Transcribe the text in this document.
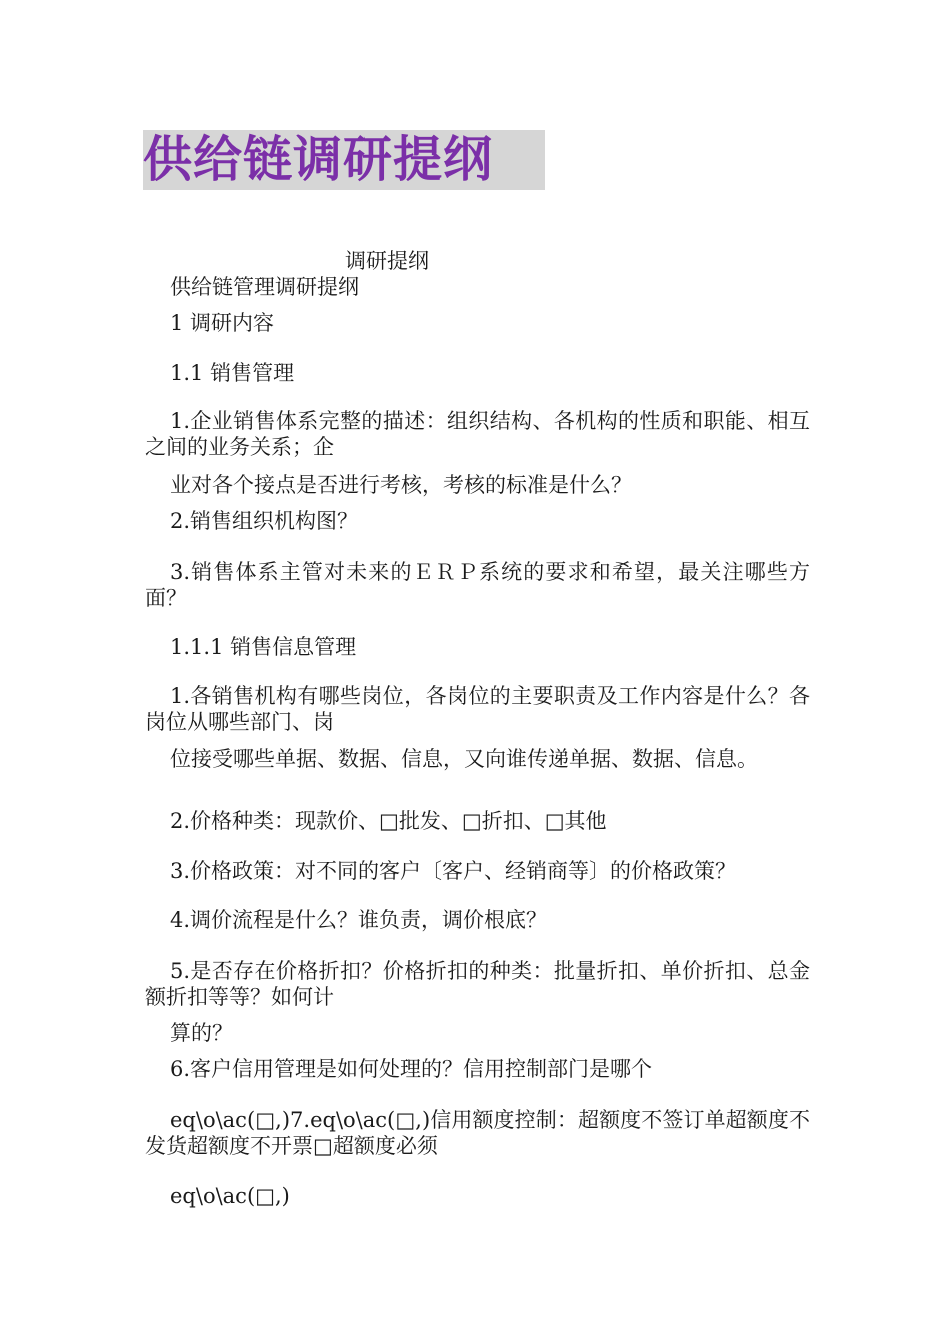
供给链调研提纲
调研提纲
供给链管理调研提纲
1 调研内容
1.1 销售管理
1.企业销售体系完整的描述：组织结构、各机构的性质和职能、相互之间的业务关系；企
业对各个接点是否进行考核，考核的标准是什么？
2.销售组织机构图？
3.销售体系主管对未来的ＥＲＰ系统的要求和希望，最关注哪些方面？
1.1.1 销售信息管理
1.各销售机构有哪些岗位，各岗位的主要职责及工作内容是什么？各岗位从哪些部门、岗
位接受哪些单据、数据、信息，又向谁传递单据、数据、信息。
2.价格种类：现款价、□批发、□折扣、□其他
3.价格政策：对不同的客户〔客户、经销商等〕的价格政策？
4.调价流程是什么？谁负责，调价根底？
5.是否存在价格折扣？价格折扣的种类：批量折扣、单价折扣、总金额折扣等等？如何计
算的？
6.客户信用管理是如何处理的？信用控制部门是哪个
eq\o\ac(□,)7.eq\o\ac(□,)信用额度控制：超额度不签订单超额度不发货超额度不开票□超额度必须
eq\o\ac(□,)
